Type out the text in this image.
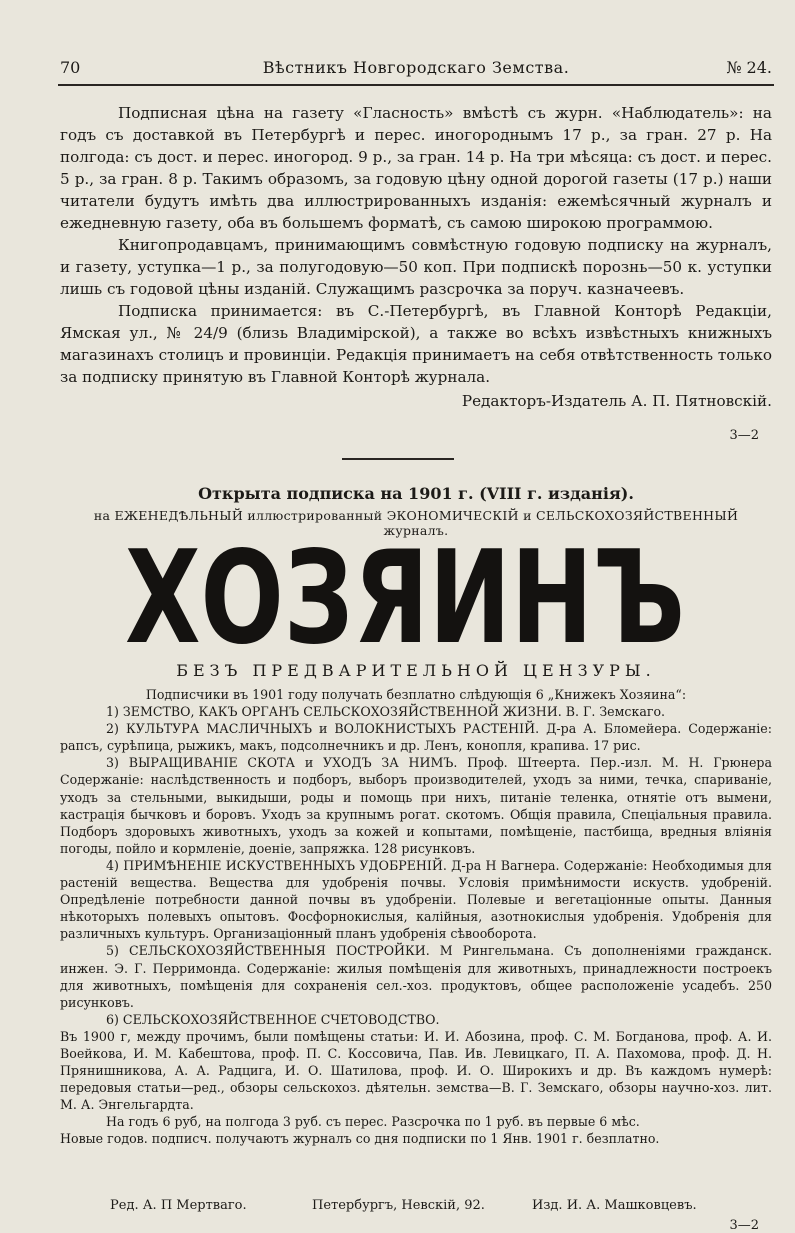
70	Вѣстникъ Новгородскаго Земства.	№ 24.

Подписная цѣна на газету «Гласность» вмѣстѣ съ журн. «Наблюдатель»: на годъ съ доставкой въ Петербургѣ и перес. иногороднымъ 17 р., за гран. 27 р. На полгода: съ дост. и перес. иногород. 9 р., за гран. 14 р. На три мѣсяца: съ дост. и перес. 5 р., за гран. 8 р. Такимъ образомъ, за годовую цѣну одной дорогой газеты (17 р.) наши читатели будутъ имѣть два иллюстрированныхъ изданія: ежемѣсячный журналъ и ежедневную газету, оба въ большемъ форматѣ, съ самою широкою программою.

Книгопродавцамъ, принимающимъ совмѣстную годовую подписку на журналъ, и газету, уступка—1 р., за полугодовую—50 коп. При подпискѣ порознь—50 к. уступки лишь съ годовой цѣны изданій. Служащимъ разсрочка за поруч. казначеевъ.

Подписка принимается: въ С.-Петербургѣ, въ Главной Конторѣ Редакціи, Ямская ул., № 24/9 (близь Владимірской), а также во всѣхъ извѣстныхъ книжныхъ магазинахъ столицъ и провинціи. Редакція принимаетъ на себя отвѣтственность только за подписку принятую въ Главной Конторѣ журнала.

Редакторъ-Издатель А. П. Пятновскій.

3—2
Открыта подписка на 1901 г. (VIII г. изданія).
на ЕЖЕНЕДѢЛЬНЫЙ иллюстрированный ЭКОНОМИЧЕСКІЙ и СЕЛЬСКОХОЗЯЙСТВЕННЫЙ журналъ.
ХОЗЯИНЪ
БЕЗЪ ПРЕДВАРИТЕЛЬНОЙ ЦЕНЗУРЫ.

Подписчики въ 1901 году получать безплатно слѣдующія 6 „Книжекъ Хозяина“:

1) ЗЕМСТВО, КАКЪ ОРГАНЪ СЕЛЬСКОХОЗЯЙСТВЕННОЙ ЖИЗНИ. В. Г. Земскаго.

2) КУЛЬТУРА МАСЛИЧНЫХЪ и ВОЛОКНИСТЫХЪ РАСТЕНІЙ. Д-ра А. Бломейера. Содержаніе: рапсъ, сурѣпица, рыжикъ, макъ, подсолнечникъ и др. Ленъ, конопля, крапива. 17 рис.

3) ВЫРАЩИВАНІЕ СКОТА и УХОДЪ ЗА НИМЪ. Проф. Штеерта. Пер.-изл. М. Н. Грюнера Содержаніе: наслѣдственность и подборъ, выборъ производителей, уходъ за ними, течка, спариваніе, уходъ за стельными, выкидыши, роды и помощь при нихъ, питаніе теленка, отнятіе отъ вымени, кастрація бычковъ и боровъ. Уходъ за крупнымъ рогат. скотомъ. Общія правила, Спеціальныя правила. Подборъ здоровыхъ животныхъ, уходъ за кожей и копытами, помѣщеніе, пастбища, вредныя вліянія погоды, пойло и кормленіе, доеніе, запряжка. 128 рисунковъ.

4) ПРИМѢНЕНІЕ ИСКУСТВЕННЫХЪ УДОБРЕНІЙ. Д-ра Н Вагнера. Содержаніе: Необходимыя для растеній вещества. Вещества для удобренія почвы. Условія примѣнимости искуств. удобреній. Опредѣленіе потребности данной почвы въ удобреніи. Полевые и вегетаціонные опыты. Данныя нѣкоторыхъ полевыхъ опытовъ. Фосфорнокислыя, калійныя, азотнокислыя удобренія. Удобренія для различныхъ культуръ. Организаціонный планъ удобренія сѣвооборота.

5) СЕЛЬСКОХОЗЯЙСТВЕННЫЯ ПОСТРОЙКИ. М Рингельмана. Съ дополненіями гражданск. инжен. Э. Г. Перримонда. Содержаніе: жилыя помѣщенія для животныхъ, принадлежности построекъ для животныхъ, помѣщенія для сохраненія сел.-хоз. продуктовъ, общее расположеніе усадебъ. 250 рисунковъ.

6) СЕЛЬСКОХОЗЯЙСТВЕННОЕ СЧЕТОВОДСТВО.

Въ 1900 г, между прочимъ, были помѣщены статьи: И. И. Абозина, проф. С. М. Богданова, проф. А. И. Воейкова, И. М. Кабештова, проф. П. С. Коссовича, Пав. Ив. Левицкаго, П. А. Пахомова, проф. Д. Н. Прянишникова, А. А. Радцига, И. О. Шатилова, проф. И. О. Широкихъ и др. Въ каждомъ нумерѣ: передовыя статьи—ред., обзоры сельскохоз. дѣятельн. земства—В. Г. Земскаго, обзоры научно-хоз. лит. М. А. Энгельгардта.

На годъ 6 руб, на полгода 3 руб. съ перес. Разсрочка по 1 руб. въ первые 6 мѣс.

Новые годов. подписч. получаютъ журналъ со дня подписки по 1 Янв. 1901 г. безплатно.

Ред. А. П Мертваго.	Петербургъ, Невскій, 92.	Изд. И. А. Машковцевъ.
3—2
